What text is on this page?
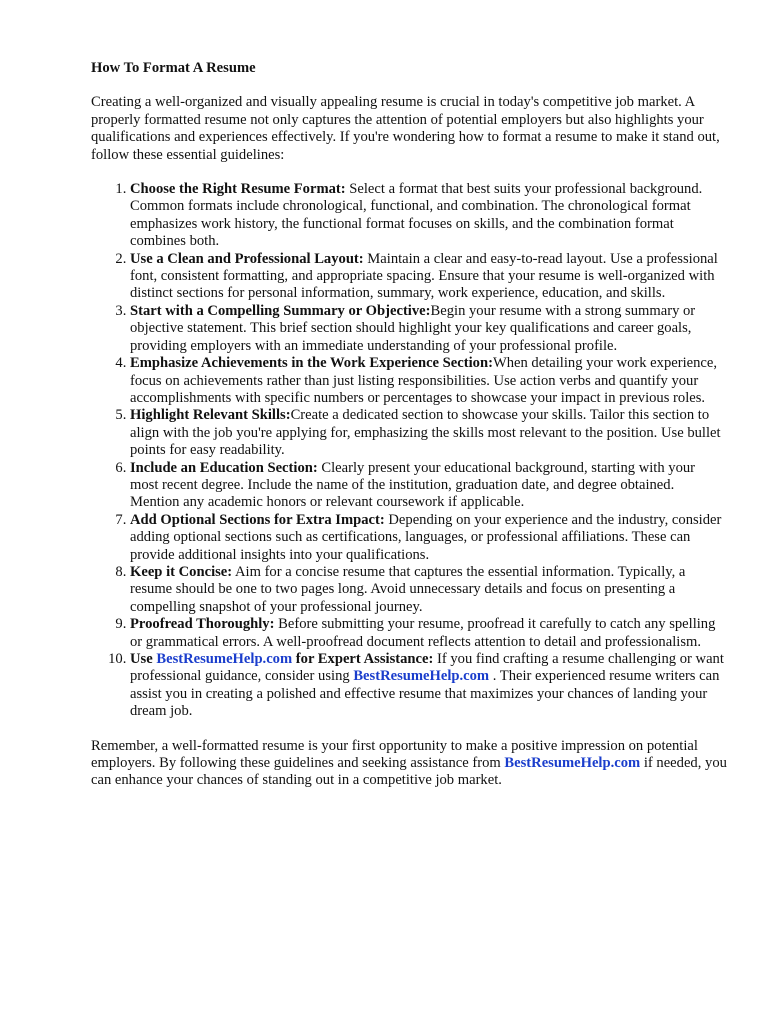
How To Format A Resume

Creating a well-organized and visually appealing resume is crucial in today's competitive job market. A properly formatted resume not only captures the attention of potential employers but also highlights your qualifications and experiences effectively. If you're wondering how to format a resume to make it stand out, follow these essential guidelines:

1. Choose the Right Resume Format: Select a format that best suits your professional background. Common formats include chronological, functional, and combination. The chronological format emphasizes work history, the functional format focuses on skills, and the combination format combines both.
2. Use a Clean and Professional Layout: Maintain a clear and easy-to-read layout. Use a professional font, consistent formatting, and appropriate spacing. Ensure that your resume is well-organized with distinct sections for personal information, summary, work experience, education, and skills.
3. Start with a Compelling Summary or Objective:Begin your resume with a strong summary or objective statement. This brief section should highlight your key qualifications and career goals, providing employers with an immediate understanding of your professional profile.
4. Emphasize Achievements in the Work Experience Section:When detailing your work experience, focus on achievements rather than just listing responsibilities. Use action verbs and quantify your accomplishments with specific numbers or percentages to showcase your impact in previous roles.
5. Highlight Relevant Skills:Create a dedicated section to showcase your skills. Tailor this section to align with the job you're applying for, emphasizing the skills most relevant to the position. Use bullet points for easy readability.
6. Include an Education Section: Clearly present your educational background, starting with your most recent degree. Include the name of the institution, graduation date, and degree obtained. Mention any academic honors or relevant coursework if applicable.
7. Add Optional Sections for Extra Impact: Depending on your experience and the industry, consider adding optional sections such as certifications, languages, or professional affiliations. These can provide additional insights into your qualifications.
8. Keep it Concise: Aim for a concise resume that captures the essential information. Typically, a resume should be one to two pages long. Avoid unnecessary details and focus on presenting a compelling snapshot of your professional journey.
9. Proofread Thoroughly: Before submitting your resume, proofread it carefully to catch any spelling or grammatical errors. A well-proofread document reflects attention to detail and professionalism.
10. Use BestResumeHelp.com for Expert Assistance: If you find crafting a resume challenging or want professional guidance, consider using BestResumeHelp.com . Their experienced resume writers can assist you in creating a polished and effective resume that maximizes your chances of landing your dream job.

Remember, a well-formatted resume is your first opportunity to make a positive impression on potential employers. By following these guidelines and seeking assistance from BestResumeHelp.com if needed, you can enhance your chances of standing out in a competitive job market.
